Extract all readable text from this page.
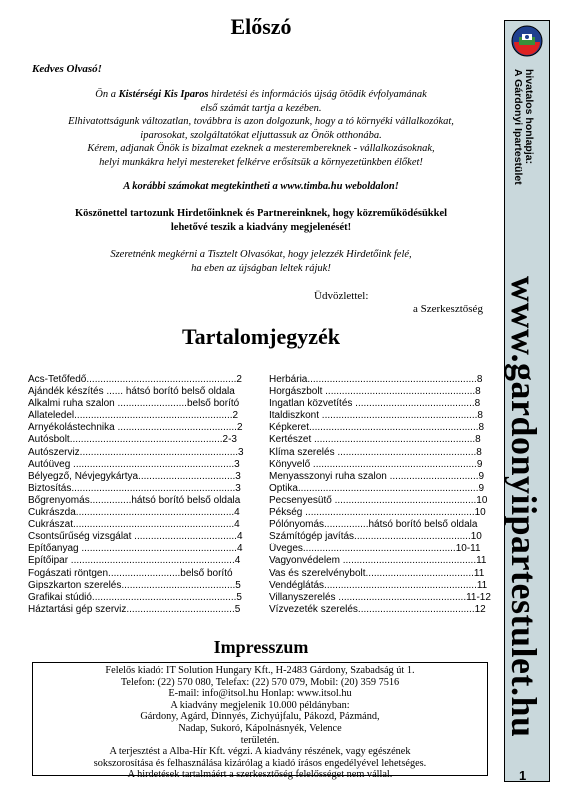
Előszó
Kedves Olvasó!
Ön a Kistérségi Kis Iparos hirdetési és információs újság ötödik évfolyamának
első számát tartja a kezében.
Elhivatottságunk változatlan, továbbra is azon dolgozunk, hogy a tó környéki vállalkozókat,
iparosokat, szolgáltatókat eljuttassuk az Önök otthonába.
Kérem, adjanak Önök is bizalmat ezeknek a mesterembereknek - vállalkozásoknak,
helyi munkákra helyi mestereket felkérve erősítsük a környezetünkben élőket!
A korábbi számokat megtekintheti a www.timba.hu weboldalon!
Köszönettel tartozunk Hirdetőinknek és Partnereinknek, hogy közreműködésükkel
lehetővé teszik a kiadvány megjelenését!
Szeretnénk megkérni a Tisztelt Olvasókat, hogy jelezzék Hirdetőink felé,
ha eben az újságban leltek rájuk!
Üdvözlettel:
a Szerkesztőség
Tartalomjegyzék
Ács-Tetőfedő......................................................2
Ajándék készítés ...... hátsó borító belső oldala
Alkalmi ruha szalon .........................belső borító
Állateledel.........................................................2
Árnyékolástechnika ...........................................2
Autósbolt.......................................................2-3
Autószerviz.........................................................3
Autóüveg ..........................................................3
Bélyegző, Névjegykártya...................................3
Biztosítás...........................................................3
Bőgrenyomás...............hátsó borító belső oldala
Cukrászda.........................................................4
Cukrászat..........................................................4
Csontsűrűség vizsgálat .....................................4
Építőanyag ........................................................4
Építőipar ...........................................................4
Fogászati röntgen..........................belső borító
Gipszkarton szerelés.........................................5
Grafikai stúdió....................................................5
Háztartási gép szerviz.......................................5
Herbária.............................................................8
Horgászbolt ......................................................8
Ingatlan közvetítés ...........................................8
Italdiszkont ........................................................8
Képkeret.............................................................8
Kertészet ..........................................................8
Klíma szerelés ..................................................8
Könyvelő ...........................................................9
Menyasszonyi ruha szalon ................................9
Optika.................................................................9
Pecsenyesütő ...................................................10
Pékség .............................................................10
Pólónyomás................hátsó borító belső oldala
Számítógép javítás..........................................10
Üveges.......................................................10-11
Vagyonvédelem ................................................11
Vas és szerelvénybolt.......................................11
Vendéglátás.......................................................11
Villanyszerelés ..............................................11-12
Vízvezeték szerelés..........................................12
Impresszum
Felelős kiadó: IT Solution Hungary Kft., H-2483 Gárdony, Szabadság út 1.
Telefon: (22) 570 080, Telefax: (22) 570 079, Mobil: (20) 359 7516
E-mail: info@itsol.hu Honlap: www.itsol.hu
A kiadvány megjelenik 10.000 példányban:
Gárdony, Agárd, Dinnyés, Zichyújfalu, Pákozd, Pázmánd,
Nadap, Sukoró, Kápolnásnyék, Velence
területén.
A terjesztést a Alba-Hír Kft. végzi. A kiadvány részének, vagy egészének
sokszorosítása és felhasználása kizárólag a kiadó írásos engedélyével lehetséges.
A hirdetések tartalmáért a szerkesztőség felelősséget nem vállal.
A Gárdonyi Ipartestület hivatalos honlapja:
www.gardonyiipartestulet.hu
1
